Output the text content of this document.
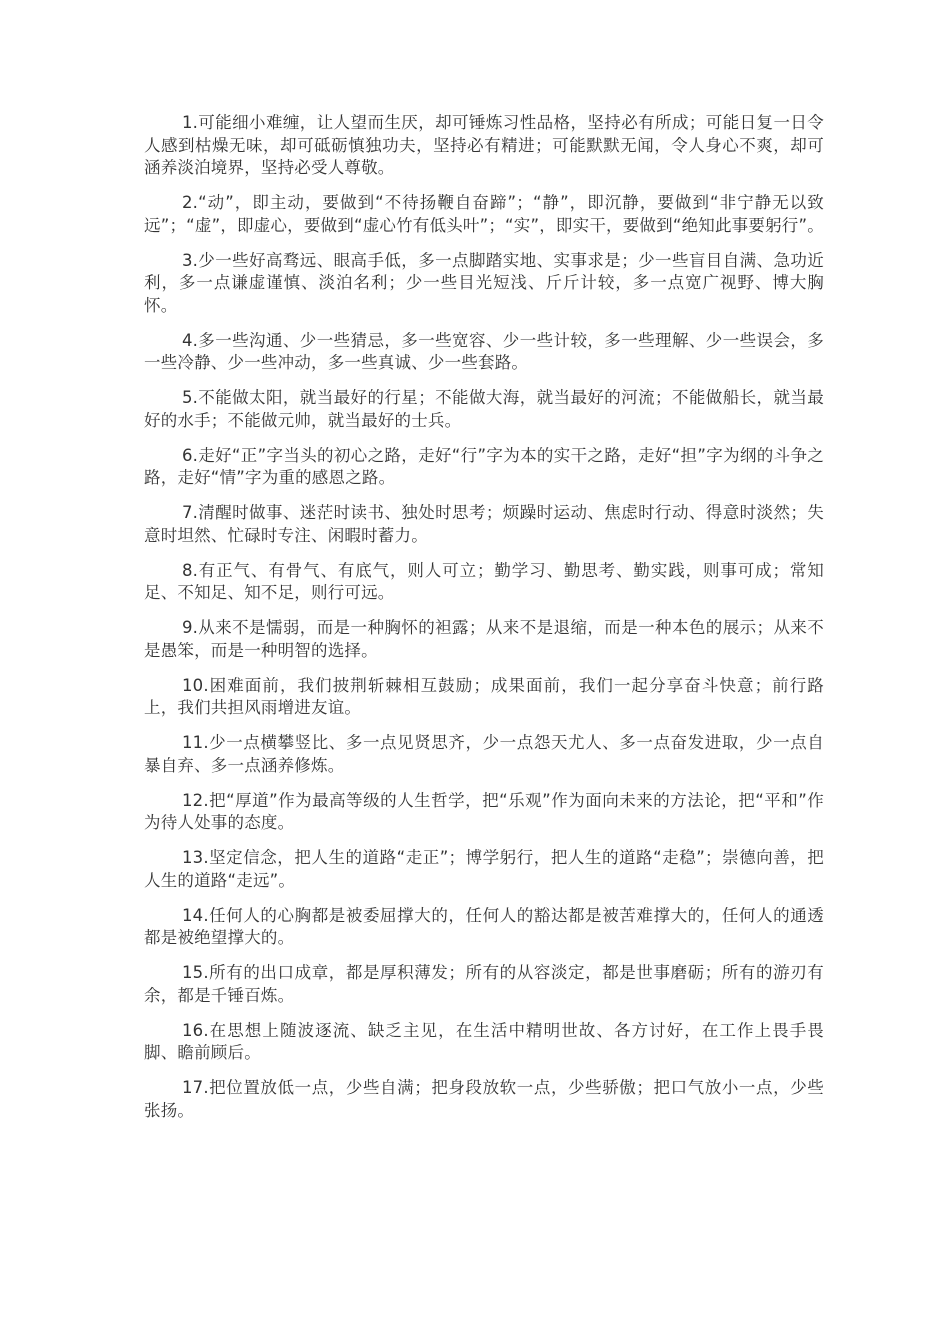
1.可能细小难缠，让人望而生厌，却可锤炼习性品格，坚持必有所成；可能日复一日令人感到枯燥无味，却可砥砺慎独功夫，坚持必有精进；可能默默无闻，令人身心不爽，却可涵养淡泊境界，坚持必受人尊敬。

2.“动”，即主动，要做到“不待扬鞭自奋蹄”；“静”，即沉静，要做到“非宁静无以致远”；“虚”，即虚心，要做到“虚心竹有低头叶”；“实”，即实干，要做到“绝知此事要躬行”。

3.少一些好高骛远、眼高手低，多一点脚踏实地、实事求是；少一些盲目自满、急功近利，多一点谦虚谨慎、淡泊名利；少一些目光短浅、斤斤计较，多一点宽广视野、博大胸怀。

4.多一些沟通、少一些猜忌，多一些宽容、少一些计较，多一些理解、少一些误会，多一些冷静、少一些冲动，多一些真诚、少一些套路。

5.不能做太阳，就当最好的行星；不能做大海，就当最好的河流；不能做船长，就当最好的水手；不能做元帅，就当最好的士兵。

6.走好“正”字当头的初心之路，走好“行”字为本的实干之路，走好“担”字为纲的斗争之路，走好“情”字为重的感恩之路。

7.清醒时做事、迷茫时读书、独处时思考；烦躁时运动、焦虑时行动、得意时淡然；失意时坦然、忙碌时专注、闲暇时蓄力。

8.有正气、有骨气、有底气，则人可立；勤学习、勤思考、勤实践，则事可成；常知足、不知足、知不足，则行可远。

9.从来不是懦弱，而是一种胸怀的袒露；从来不是退缩，而是一种本色的展示；从来不是愚笨，而是一种明智的选择。

10.困难面前，我们披荆斩棘相互鼓励；成果面前，我们一起分享奋斗快意；前行路上，我们共担风雨增进友谊。

11.少一点横攀竖比、多一点见贤思齐，少一点怨天尤人、多一点奋发进取，少一点自暴自弃、多一点涵养修炼。

12.把“厚道”作为最高等级的人生哲学，把“乐观”作为面向未来的方法论，把“平和”作为待人处事的态度。

13.坚定信念，把人生的道路“走正”；博学躬行，把人生的道路“走稳”；崇德向善，把人生的道路“走远”。

14.任何人的心胸都是被委屈撑大的，任何人的豁达都是被苦难撑大的，任何人的通透都是被绝望撑大的。

15.所有的出口成章，都是厚积薄发；所有的从容淡定，都是世事磨砺；所有的游刃有余，都是千锤百炼。

16.在思想上随波逐流、缺乏主见，在生活中精明世故、各方讨好，在工作上畏手畏脚、瞻前顾后。

17.把位置放低一点，少些自满；把身段放软一点，少些骄傲；把口气放小一点，少些张扬。
